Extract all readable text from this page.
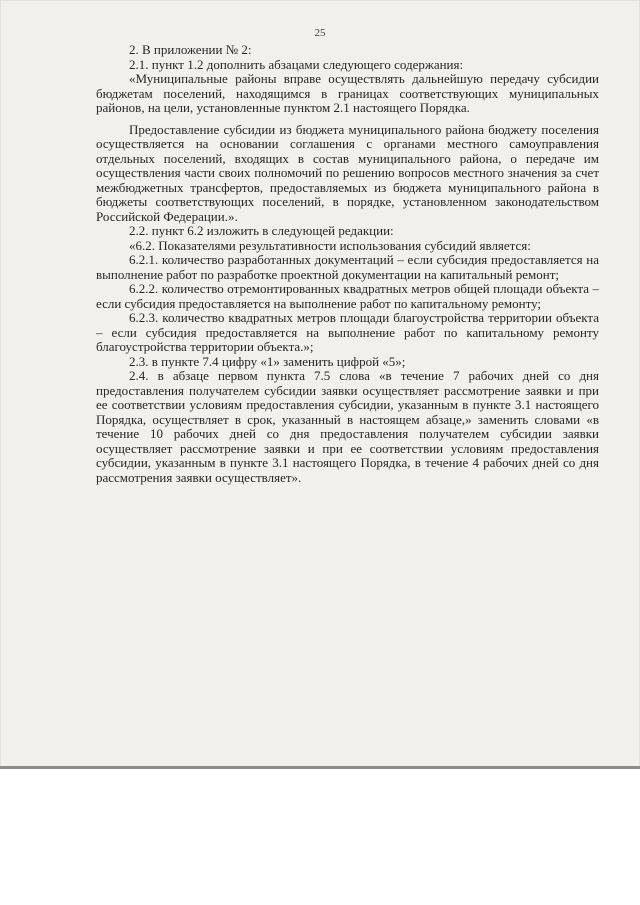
25

2. В приложении № 2:

2.1. пункт 1.2 дополнить абзацами следующего содержания:

«Муниципальные районы вправе осуществлять дальнейшую передачу субсидии бюджетам поселений, находящимся в границах соответствующих муниципальных районов, на цели, установленные пунктом 2.1 настоящего Порядка.

Предоставление субсидии из бюджета муниципального района бюджету поселения осуществляется на основании соглашения с органами местного самоуправления отдельных поселений, входящих в состав муниципального района, о передаче им осуществления части своих полномочий по решению вопросов местного значения за счет межбюджетных трансфертов, предоставляемых из бюджета муниципального района в бюджеты соответствующих поселений, в порядке, установленном законодательством Российской Федерации.».

2.2. пункт 6.2 изложить в следующей редакции:

«6.2. Показателями результативности использования субсидий является:

6.2.1. количество разработанных документаций – если субсидия предоставляется на выполнение работ по разработке проектной документации на капитальный ремонт;

6.2.2. количество отремонтированных квадратных метров общей площади объекта – если субсидия предоставляется на выполнение работ по капитальному ремонту;

6.2.3. количество квадратных метров площади благоустройства территории объекта – если субсидия предоставляется на выполнение работ по капитальному ремонту благоустройства территории объекта.»;

2.3. в пункте 7.4 цифру «1» заменить цифрой «5»;

2.4. в абзаце первом пункта 7.5 слова «в течение 7 рабочих дней со дня предоставления получателем субсидии заявки осуществляет рассмотрение заявки и при ее соответствии условиям предоставления субсидии, указанным в пункте 3.1 настоящего Порядка, осуществляет в срок, указанный в настоящем абзаце,» заменить словами «в течение 10 рабочих дней со дня предоставления получателем субсидии заявки осуществляет рассмотрение заявки и при ее соответствии условиям предоставления субсидии, указанным в пункте 3.1 настоящего Порядка, в течение 4 рабочих дней со дня рассмотрения заявки осуществляет».
